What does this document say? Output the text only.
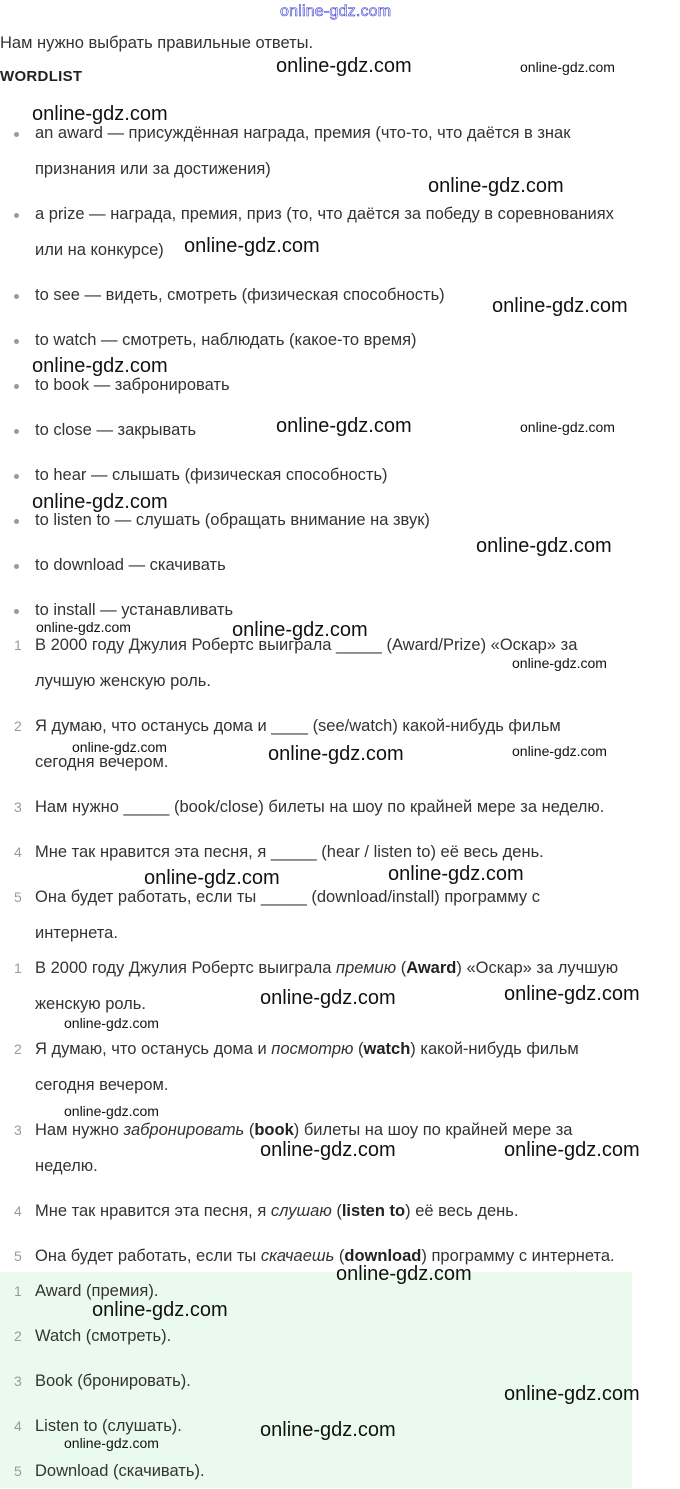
online-gdz.com
Нам нужно выбрать правильные ответы.
WORDLIST
an award — присуждённая награда, премия (что-то, что даётся в знак
признания или за достижения)
a prize — награда, премия, приз (то, что даётся за победу в соревнованиях
или на конкурсе)
to see — видеть, смотреть (физическая способность)
to watch — смотреть, наблюдать (какое-то время)
to book — забронировать
to close — закрывать
to hear — слышать (физическая способность)
to listen to — слушать (обращать внимание на звук)
to download — скачивать
to install — устанавливать
1 В 2000 году Джулия Робертс выиграла _____ (Award/Prize) «Оскар» за
лучшую женскую роль.
2 Я думаю, что останусь дома и ____ (see/watch) какой-нибудь фильм
сегодня вечером.
3 Нам нужно _____ (book/close) билеты на шоу по крайней мере за неделю.
4 Мне так нравится эта песня, я _____ (hear / listen to) её весь день.
5 Она будет работать, если ты _____ (download/install) программу с
интернета.
1 В 2000 году Джулия Робертс выиграла премию (Award) «Оскар» за лучшую
женскую роль.
2 Я думаю, что останусь дома и посмотрю (watch) какой-нибудь фильм
сегодня вечером.
3 Нам нужно забронировать (book) билеты на шоу по крайней мере за
неделю.
4 Мне так нравится эта песня, я слушаю (listen to) её весь день.
5 Она будет работать, если ты скачаешь (download) программу с интернета.
1 Award (премия).
2 Watch (смотреть).
3 Book (бронировать).
4 Listen to (слушать).
5 Download (скачивать).
online-gdz.com	online-gdz.com
online-gdz.com
online-gdz.com
online-gdz.com
online-gdz.com
online-gdz.com
online-gdz.com	online-gdz.com
online-gdz.com
online-gdz.com
online-gdz.com
online-gdz.com
online-gdz.com
online-gdz.com	online-gdz.com	online-gdz.com
online-gdz.com	online-gdz.com
online-gdz.com	online-gdz.com
online-gdz.com
online-gdz.com
online-gdz.com	online-gdz.com
online-gdz.com
online-gdz.com
online-gdz.com
online-gdz.com
online-gdz.com
